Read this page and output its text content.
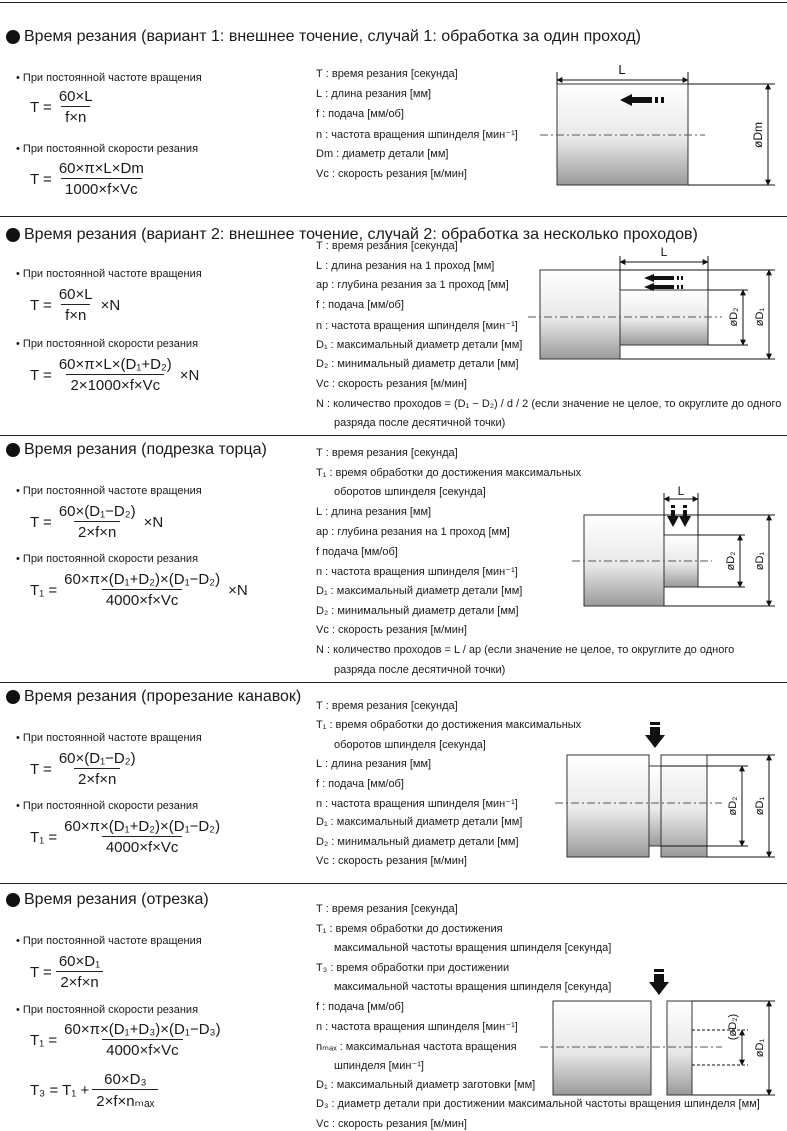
Время резания (вариант 1: внешнее точение, случай 1: обработка за один проход)
• При постоянной частоте вращения
$T = \frac{60\times L}{f\times n}$
• При постоянной скорости резания
$T = \frac{60\times\pi\times L\times Dm}{1000\times f\times Vc}$
T : время резания [секунда]
L : длина резания [мм]
f : подача [мм/об]
n : частота вращения шпинделя [мин⁻¹]
Dm : диаметр детали [мм]
Vc : скорость резания [м/мин]
L
øDm
Время резания (вариант 2: внешнее точение, случай 2: обработка за несколько проходов)
• При постоянной частоте вращения
$T = \frac{60\times L}{f\times n} \times N$
• При постоянной скорости резания
$T = \frac{\text{60×π×L×(D₁+D₂)}}{2\times 1000\times f\times Vc} \times N$
T : время резания [секунда]
L : длина резания на 1 проход [мм]
ap : глубина резания за 1 проход [мм]
f : подача [мм/об]
n : частота вращения шпинделя [мин⁻¹]
D₁ : максимальный диаметр детали [мм]
D₂ : минимальный диаметр детали [мм]
Vc : скорость резания [м/мин]
N : количество проходов = (D₁ − D₂) / d / 2 (если значение не целое, то округлите до одного
разряда после десятичной точки)
L
øD₂ øD₁
Время резания (подрезка торца)
• При постоянной частоте вращения
$T = \frac{\text{60×(D₁−D₂)}}{2\times f\times n} \times N$
• При постоянной скорости резания
$T_1 = \frac{\text{60×π×(D₁+D₂)×(D₁−D₂)}}{4000\times f\times Vc} \times N$
T : время резания [секунда]
T₁ : время обработки до достижения максимальных
оборотов шпинделя [секунда]
L : длина резания [мм]
ap : глубина резания на 1 проход [мм]
f подача [мм/об]
n : частота вращения шпинделя [мин⁻¹]
D₁ : максимальный диаметр детали [мм]
D₂ : минимальный диаметр детали [мм]
Vc : скорость резания [м/мин]
N : количество проходов = L / ap (если значение не целое, то округлите до одного
разряда после десятичной точки)
L
øD₂ øD₁
Время резания (прорезание канавок)
• При постоянной частоте вращения
$T = \frac{\text{60×(D₁−D₂)}}{2\times f\times n}$
• При постоянной скорости резания
$T_1 = \frac{\text{60×π×(D₁+D₂)×(D₁−D₂)}}{4000\times f\times Vc}$
T : время резания [секунда]
T₁ : время обработки до достижения максимальных
оборотов шпинделя [секунда]
L : длина резания [мм]
f : подача [мм/об]
n : частота вращения шпинделя [мин⁻¹]
D₁ : максимальный диаметр детали [мм]
D₂ : минимальный диаметр детали [мм]
Vc : скорость резания [м/мин]
øD₂ øD₁
Время резания (отрезка)
• При постоянной частоте вращения
$T = \frac{\text{60×D₁}}{2\times f\times n}$
• При постоянной скорости резания
$T_1 = \frac{\text{60×π×(D₁+D₃)×(D₁−D₃)}}{4000\times f\times Vc}$
$T_3 = T_1 + \frac{\text{60×D₃}}{\text{2×f×nₘₐₓ}}$
T : время резания [секунда]
T₁ : время обработки до достижения
максимальной частоты вращения шпинделя [секунда]
T₃ : время обработки при достижении
максимальной частоты вращения шпинделя [секунда]
f : подача [мм/об]
n : частота вращения шпинделя [мин⁻¹]
nₘₐₓ : максимальная частота вращения
шпинделя [мин⁻¹]
D₁ : максимальный диаметр заготовки [мм]
D₃ : диаметр детали при достижении максимальной частоты вращения шпинделя [мм]
Vc : скорость резания [м/мин]
(øD₂)
øD₁
